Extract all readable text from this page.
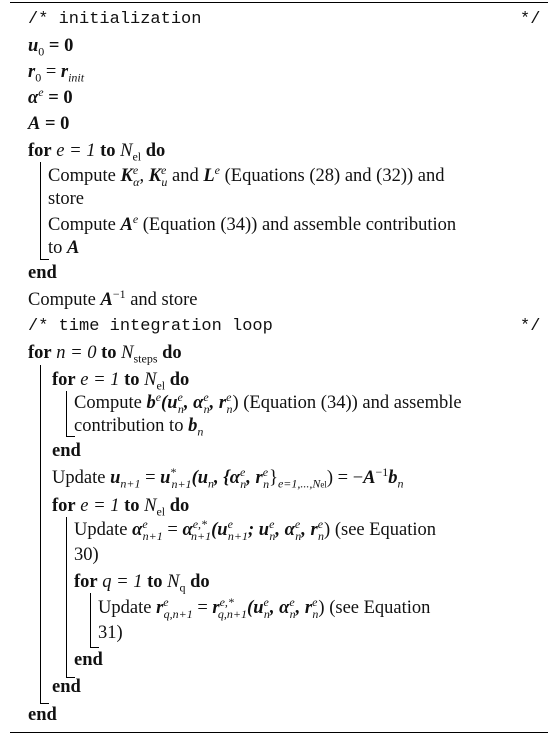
/* initialization	*/
$u_0 = 0$
$r_0 = r_{init}$
$\alpha^e = 0$
A = 0
for e = 1 to $N_{el}$ do
Compute $K^e_\alpha$, $K^e_u$ and Le (Equations (28) and (32)) and
store
Compute $A^e$ (Equation (34)) and assemble contribution
to A
end
Compute $A^{-1}$ and store
/* time integration loop	*/
for n = 0 to $N_{steps}$ do
for e = 1 to $N_{el}$ do
Compute $b^e(u^e_n$, $\alpha^e_n$, $r^e_n$) (Equation (34)) and assemble
contribution to $b_n$
end
Update $u_{n+1} = u^*_{n+1}(u_n$, {$\alpha^e_n$, $r^e_n\}_{e=1,...,Nel}) = -A^{-1}b_n$
for e = 1 to $N_{el}$ do
Update $\alpha^e_{n+1} = \alpha^{e,*}_{n+1}(u^e_{n+1}$; $u^e_n$, $\alpha^e_n$, $r^e_n$) (see Equation
30)
for q = 1 to $N_q$ do
Update $r^e_{q,n+1} = r^{e,*}_{q,n+1}(u^e_n$, $\alpha^e_n$, $r^e_n$) (see Equation
31)
end
end
end
